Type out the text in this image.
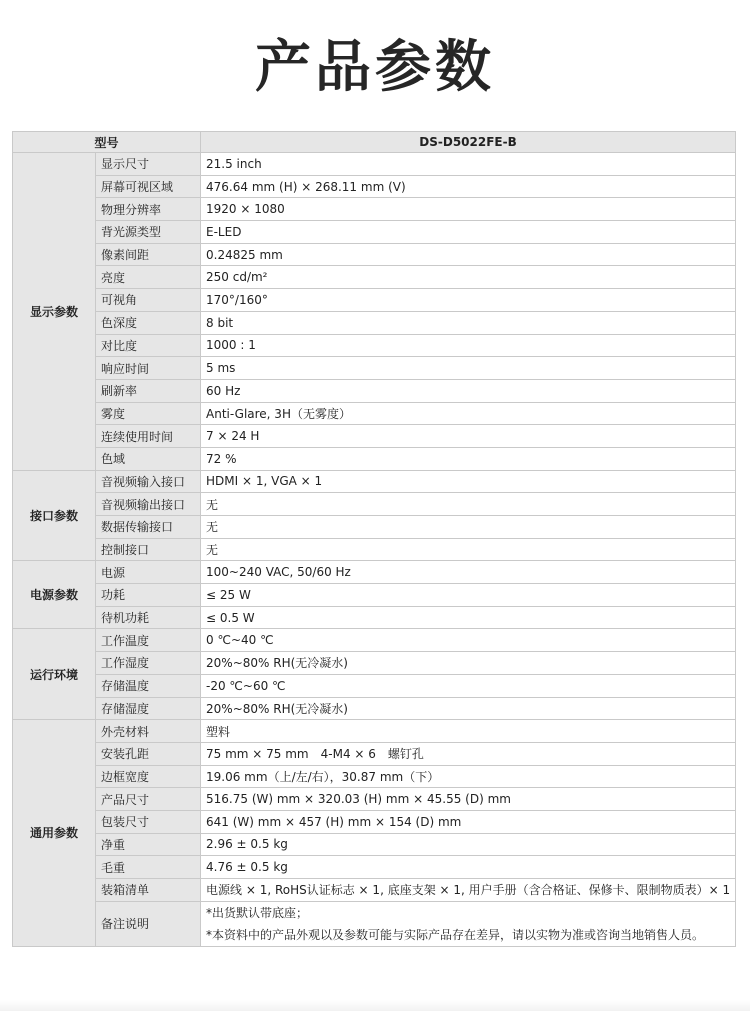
产品参数
型号		DS-D5022FE-B
显示参数	显示尺寸	21.5 inch
	屏幕可视区域	476.64 mm (H) × 268.11 mm (V)
	物理分辨率	1920 × 1080
	背光源类型	E-LED
	像素间距	0.24825 mm
	亮度	250 cd/m²
	可视角	170°/160°
	色深度	8 bit
	对比度	1000 : 1
	响应时间	5 ms
	刷新率	60 Hz
	雾度	Anti-Glare, 3H（无雾度）
	连续使用时间	7 × 24 H
	色域	72 %
接口参数	音视频输入接口	HDMI × 1, VGA × 1
	音视频输出接口	无
	数据传输接口	无
	控制接口	无
电源参数	电源	100~240 VAC, 50/60 Hz
	功耗	≤ 25 W
	待机功耗	≤ 0.5 W
运行环境	工作温度	0 ℃~40 ℃
	工作湿度	20%~80% RH(无冷凝水)
	存储温度	-20 ℃~60 ℃
	存储湿度	20%~80% RH(无冷凝水)
通用参数	外壳材料	塑料
	安装孔距	75 mm × 75 mm　4-M4 × 6　螺钉孔
	边框宽度	19.06 mm（上/左/右），30.87 mm（下）
	产品尺寸	516.75 (W) mm × 320.03 (H) mm × 45.55 (D) mm
	包装尺寸	641 (W) mm × 457 (H) mm × 154 (D) mm
	净重	2.96 ± 0.5 kg
	毛重	4.76 ± 0.5 kg
	装箱清单	电源线 × 1, RoHS认证标志 × 1, 底座支架 × 1, 用户手册（含合格证、保修卡、限制物质表）× 1
	备注说明	*出货默认带底座；
*本资料中的产品外观以及参数可能与实际产品存在差异，请以实物为准或咨询当地销售人员。
